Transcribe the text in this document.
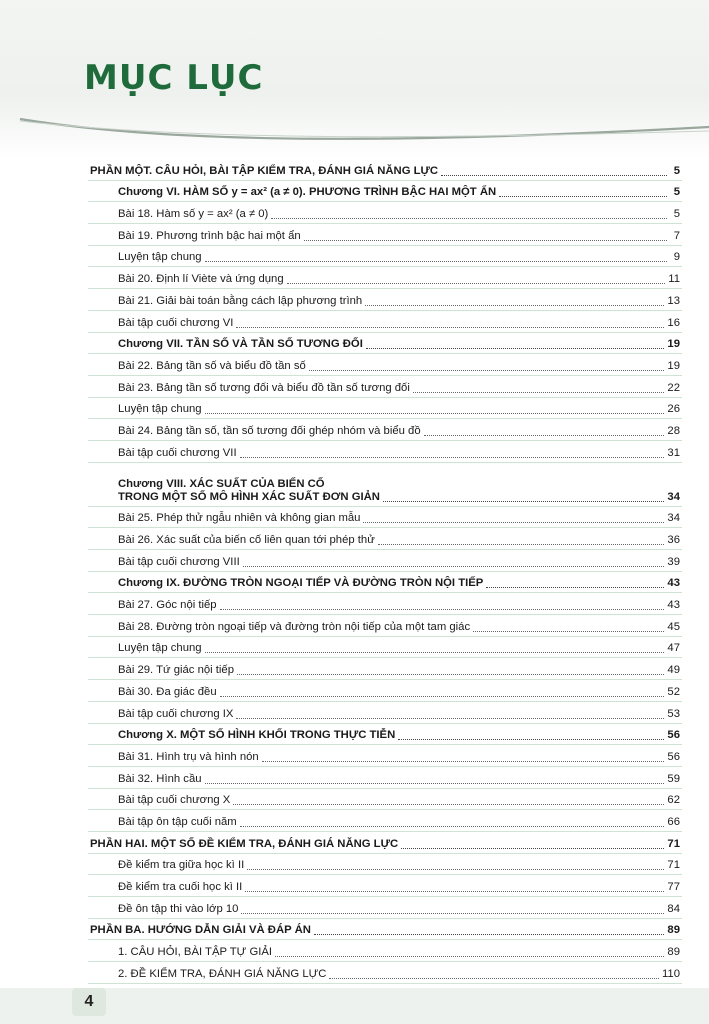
MỤC LỤC
PHẦN MỘT. CÂU HỎI, BÀI TẬP KIỂM TRA, ĐÁNH GIÁ NĂNG LỰC	5
Chương VI. HÀM SỐ y = ax² (a ≠ 0). PHƯƠNG TRÌNH BẬC HAI MỘT ẨN	5
Bài 18. Hàm số y = ax² (a ≠ 0)	5
Bài 19. Phương trình bậc hai một ẩn	7
Luyện tập chung	9
Bài 20. Định lí Viète và ứng dụng	11
Bài 21. Giải bài toán bằng cách lập phương trình	13
Bài tập cuối chương VI	16
Chương VII. TẦN SỐ VÀ TẦN SỐ TƯƠNG ĐỐI	19
Bài 22. Bảng tần số và biểu đồ tần số	19
Bài 23. Bảng tần số tương đối và biểu đồ tần số tương đối	22
Luyện tập chung	26
Bài 24. Bảng tần số, tần số tương đối ghép nhóm và biểu đồ	28
Bài tập cuối chương VII	31
Chương VIII. XÁC SUẤT CỦA BIẾN CỐ
TRONG MỘT SỐ MÔ HÌNH XÁC SUẤT ĐƠN GIẢN	34
Bài 25. Phép thử ngẫu nhiên và không gian mẫu	34
Bài 26. Xác suất của biến cố liên quan tới phép thử	36
Bài tập cuối chương VIII	39
Chương IX. ĐƯỜNG TRÒN NGOẠI TIẾP VÀ ĐƯỜNG TRÒN NỘI TIẾP	43
Bài 27. Góc nội tiếp	43
Bài 28. Đường tròn ngoại tiếp và đường tròn nội tiếp của một tam giác	45
Luyện tập chung	47
Bài 29. Tứ giác nội tiếp	49
Bài 30. Đa giác đều	52
Bài tập cuối chương IX	53
Chương X. MỘT SỐ HÌNH KHỐI TRONG THỰC TIỄN	56
Bài 31. Hình trụ và hình nón	56
Bài 32. Hình cầu	59
Bài tập cuối chương X	62
Bài tập ôn tập cuối năm	66
PHẦN HAI. MỘT SỐ ĐỀ KIỂM TRA, ĐÁNH GIÁ NĂNG LỰC	71
Đề kiểm tra giữa học kì II	71
Đề kiểm tra cuối học kì II	77
Đề ôn tập thi vào lớp 10	84
PHẦN BA. HƯỚNG DẪN GIẢI VÀ ĐÁP ÁN	89
1. CÂU HỎI, BÀI TẬP TỰ GIẢI	89
2. ĐỀ KIỂM TRA, ĐÁNH GIÁ NĂNG LỰC	110
4
